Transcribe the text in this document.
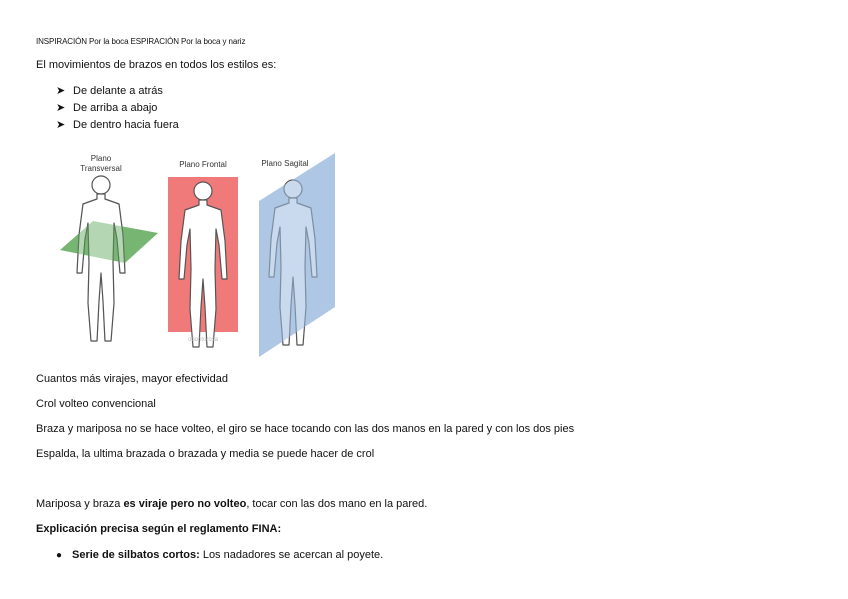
INSPIRACIÓN Por la boca ESPIRACIÓN Por la boca y nariz
El movimientos de brazos en todos los estilos es:
➤ De delante a atrás
➤ De arriba a abajo
➤ De dentro hacia fuera
Plano
Transversal	Plano Frontal
odontorosa
Plano Sagital
Cuantos más virajes, mayor efectividad
Crol volteo convencional
Braza y mariposa no se hace volteo, el giro se hace tocando con las dos manos en la pared y con los dos pies
Espalda, la ultima brazada o brazada y media se puede hacer de crol
Mariposa y braza es viraje pero no volteo, tocar con las dos mano en la pared.
Explicación precisa según el reglamento FINA:
● Serie de silbatos cortos: Los nadadores se acercan al poyete.
